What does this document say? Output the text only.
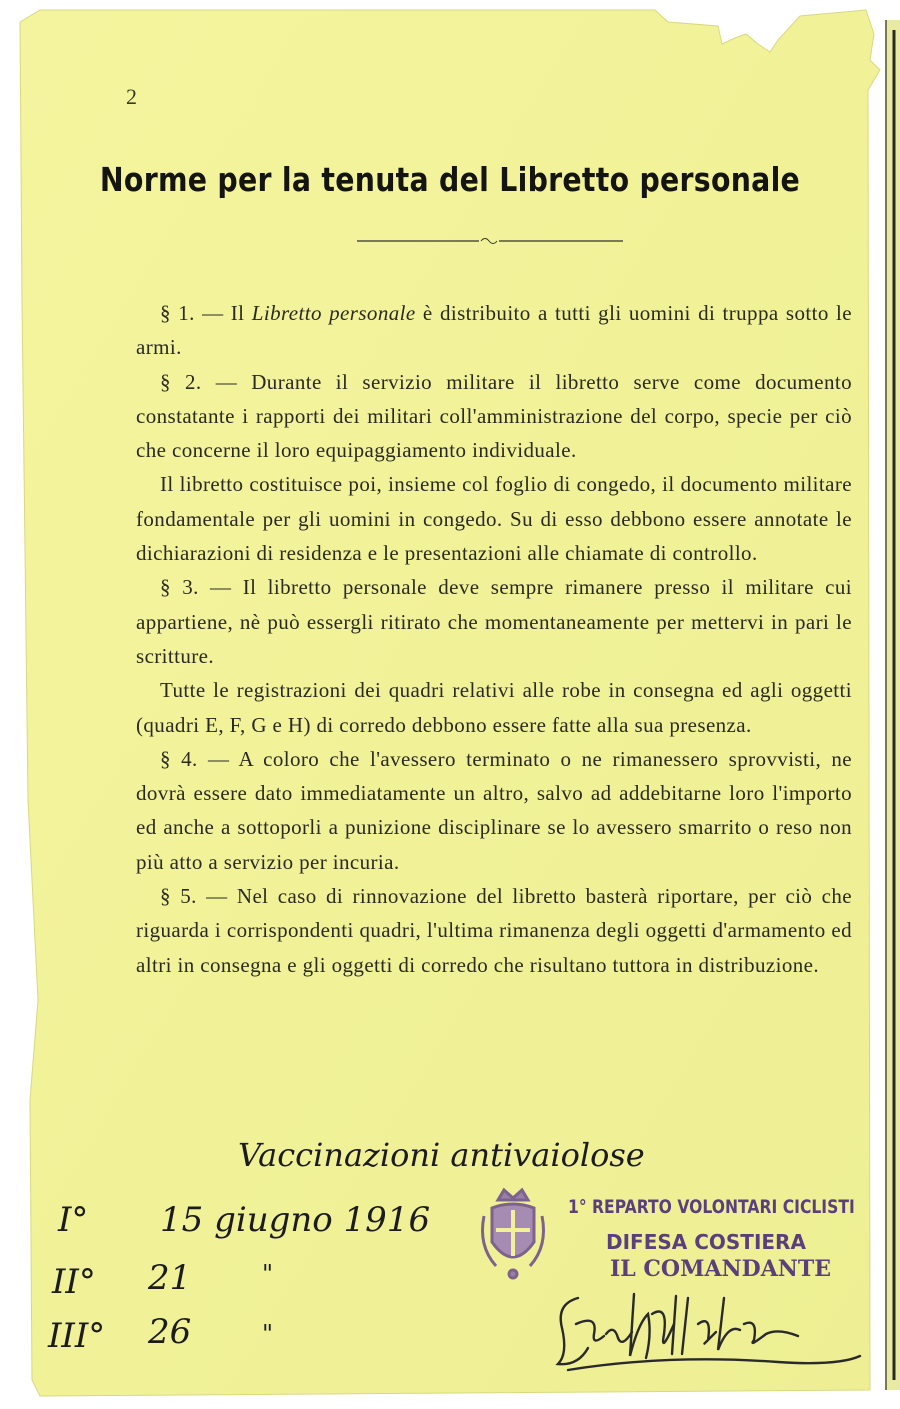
2
Norme per la tenuta del Libretto personale

§ 1. — Il Libretto personale è distribuito a tutti gli uomini di truppa sotto le armi.

§ 2. — Durante il servizio militare il libretto serve come documento constatante i rapporti dei militari coll'amministrazione del corpo, specie per ciò che concerne il loro equipaggiamento individuale.

Il libretto costituisce poi, insieme col foglio di congedo, il documento militare fondamentale per gli uomini in congedo. Su di esso debbono essere annotate le dichiarazioni di residenza e le presentazioni alle chiamate di controllo.

§ 3. — Il libretto personale deve sempre rimanere presso il militare cui appartiene, nè può essergli ritirato che momentaneamente per mettervi in pari le scritture.

Tutte le registrazioni dei quadri relativi alle robe in consegna ed agli oggetti (quadri E, F, G e H) di corredo debbono essere fatte alla sua presenza.

§ 4. — A coloro che l'avessero terminato o ne rimanessero sprovvisti, ne dovrà essere dato immediatamente un altro, salvo ad addebitarne loro l'importo ed anche a sottoporli a punizione disciplinare se lo avessero smarrito o reso non più atto a servizio per incuria.

§ 5. — Nel caso di rinnovazione del libretto basterà riportare, per ciò che riguarda i corrispondenti quadri, l'ultima rimanenza degli oggetti d'armamento ed altri in consegna e gli oggetti di corredo che risultano tuttora in distribuzione.

Vaccinazioni antivaiolose
I° 15 giugno 1916
II° 21	"
III° 26	"
1° REPARTO VOLONTARI CICLISTI
DIFESA COSTIERA
IL COMANDANTE
